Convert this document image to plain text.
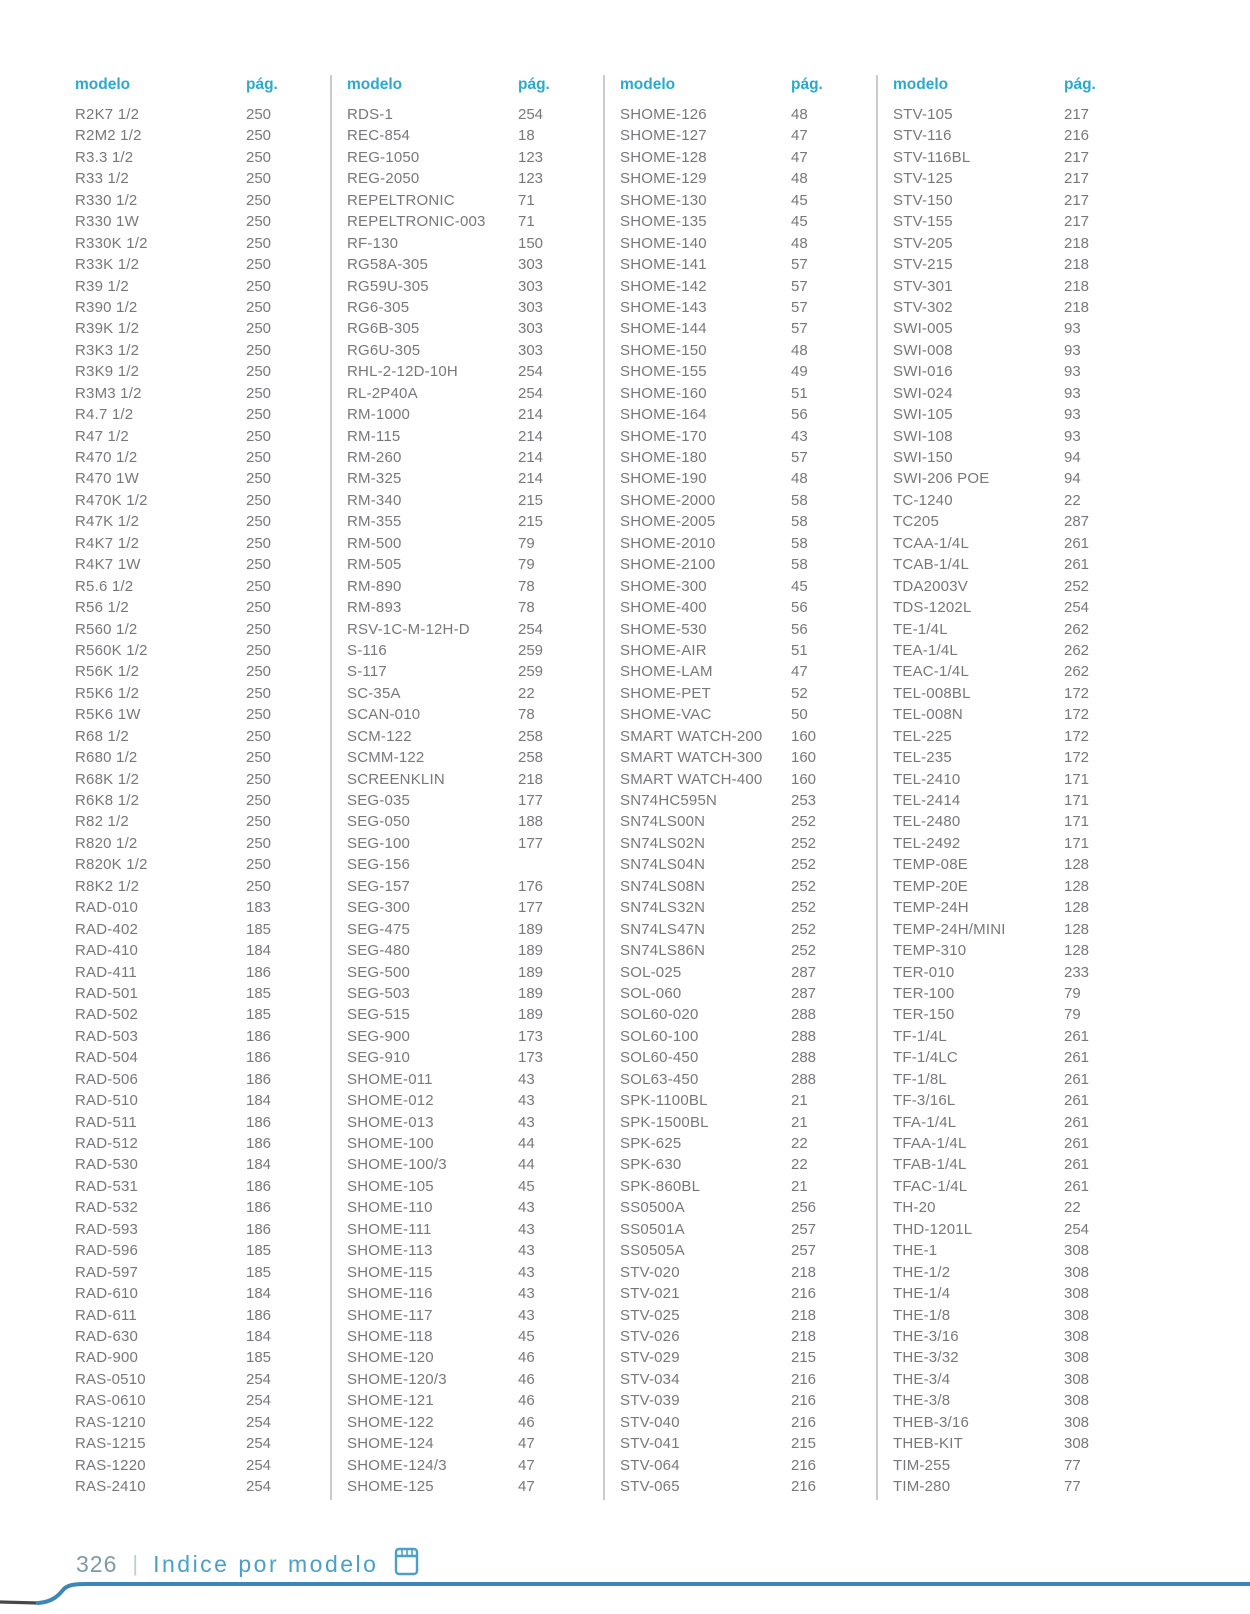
modelo	pág.
R2K7 1/2	250
R2M2 1/2	250
R3.3 1/2	250
R33 1/2	250
R330 1/2	250
R330 1W	250
R330K 1/2	250
R33K 1/2	250
R39 1/2	250
R390 1/2	250
R39K 1/2	250
R3K3 1/2	250
R3K9 1/2	250
R3M3 1/2	250
R4.7 1/2	250
R47 1/2	250
R470 1/2	250
R470 1W	250
R470K 1/2	250
R47K 1/2	250
R4K7 1/2	250
R4K7 1W	250
R5.6 1/2	250
R56 1/2	250
R560 1/2	250
R560K 1/2	250
R56K 1/2	250
R5K6 1/2	250
R5K6 1W	250
R68 1/2	250
R680 1/2	250
R68K 1/2	250
R6K8 1/2	250
R82 1/2	250
R820 1/2	250
R820K 1/2	250
R8K2 1/2	250
RAD-010	183
RAD-402	185
RAD-410	184
RAD-411	186
RAD-501	185
RAD-502	185
RAD-503	186
RAD-504	186
RAD-506	186
RAD-510	184
RAD-511	186
RAD-512	186
RAD-530	184
RAD-531	186
RAD-532	186
RAD-593	186
RAD-596	185
RAD-597	185
RAD-610	184
RAD-611	186
RAD-630	184
RAD-900	185
RAS-0510	254
RAS-0610	254
RAS-1210	254
RAS-1215	254
RAS-1220	254
RAS-2410	254
modelo	pág.
RDS-1	254
REC-854	18
REG-1050	123
REG-2050	123
REPELTRONIC	71
REPELTRONIC-003	71
RF-130	150
RG58A-305	303
RG59U-305	303
RG6-305	303
RG6B-305	303
RG6U-305	303
RHL-2-12D-10H	254
RL-2P40A	254
RM-1000	214
RM-115	214
RM-260	214
RM-325	214
RM-340	215
RM-355	215
RM-500	79
RM-505	79
RM-890	78
RM-893	78
RSV-1C-M-12H-D	254
S-116	259
S-117	259
SC-35A	22
SCAN-010	78
SCM-122	258
SCMM-122	258
SCREENKLIN	218
SEG-035	177
SEG-050	188
SEG-100	177
SEG-156
SEG-157	176
SEG-300	177
SEG-475	189
SEG-480	189
SEG-500	189
SEG-503	189
SEG-515	189
SEG-900	173
SEG-910	173
SHOME-011	43
SHOME-012	43
SHOME-013	43
SHOME-100	44
SHOME-100/3	44
SHOME-105	45
SHOME-110	43
SHOME-111	43
SHOME-113	43
SHOME-115	43
SHOME-116	43
SHOME-117	43
SHOME-118	45
SHOME-120	46
SHOME-120/3	46
SHOME-121	46
SHOME-122	46
SHOME-124	47
SHOME-124/3	47
SHOME-125	47
modelo	pág.
SHOME-126	48
SHOME-127	47
SHOME-128	47
SHOME-129	48
SHOME-130	45
SHOME-135	45
SHOME-140	48
SHOME-141	57
SHOME-142	57
SHOME-143	57
SHOME-144	57
SHOME-150	48
SHOME-155	49
SHOME-160	51
SHOME-164	56
SHOME-170	43
SHOME-180	57
SHOME-190	48
SHOME-2000	58
SHOME-2005	58
SHOME-2010	58
SHOME-2100	58
SHOME-300	45
SHOME-400	56
SHOME-530	56
SHOME-AIR	51
SHOME-LAM	47
SHOME-PET	52
SHOME-VAC	50
SMART WATCH-200	160
SMART WATCH-300	160
SMART WATCH-400	160
SN74HC595N	253
SN74LS00N	252
SN74LS02N	252
SN74LS04N	252
SN74LS08N	252
SN74LS32N	252
SN74LS47N	252
SN74LS86N	252
SOL-025	287
SOL-060	287
SOL60-020	288
SOL60-100	288
SOL60-450	288
SOL63-450	288
SPK-1100BL	21
SPK-1500BL	21
SPK-625	22
SPK-630	22
SPK-860BL	21
SS0500A	256
SS0501A	257
SS0505A	257
STV-020	218
STV-021	216
STV-025	218
STV-026	218
STV-029	215
STV-034	216
STV-039	216
STV-040	216
STV-041	215
STV-064	216
STV-065	216
modelo	pág.
STV-105	217
STV-116	216
STV-116BL	217
STV-125	217
STV-150	217
STV-155	217
STV-205	218
STV-215	218
STV-301	218
STV-302	218
SWI-005	93
SWI-008	93
SWI-016	93
SWI-024	93
SWI-105	93
SWI-108	93
SWI-150	94
SWI-206 POE	94
TC-1240	22
TC205	287
TCAA-1/4L	261
TCAB-1/4L	261
TDA2003V	252
TDS-1202L	254
TE-1/4L	262
TEA-1/4L	262
TEAC-1/4L	262
TEL-008BL	172
TEL-008N	172
TEL-225	172
TEL-235	172
TEL-2410	171
TEL-2414	171
TEL-2480	171
TEL-2492	171
TEMP-08E	128
TEMP-20E	128
TEMP-24H	128
TEMP-24H/MINI	128
TEMP-310	128
TER-010	233
TER-100	79
TER-150	79
TF-1/4L	261
TF-1/4LC	261
TF-1/8L	261
TF-3/16L	261
TFA-1/4L	261
TFAA-1/4L	261
TFAB-1/4L	261
TFAC-1/4L	261
TH-20	22
THD-1201L	254
THE-1	308
THE-1/2	308
THE-1/4	308
THE-1/8	308
THE-3/16	308
THE-3/32	308
THE-3/4	308
THE-3/8	308
THEB-3/16	308
THEB-KIT	308
TIM-255	77
TIM-280	77
326 | Indice por modelo
